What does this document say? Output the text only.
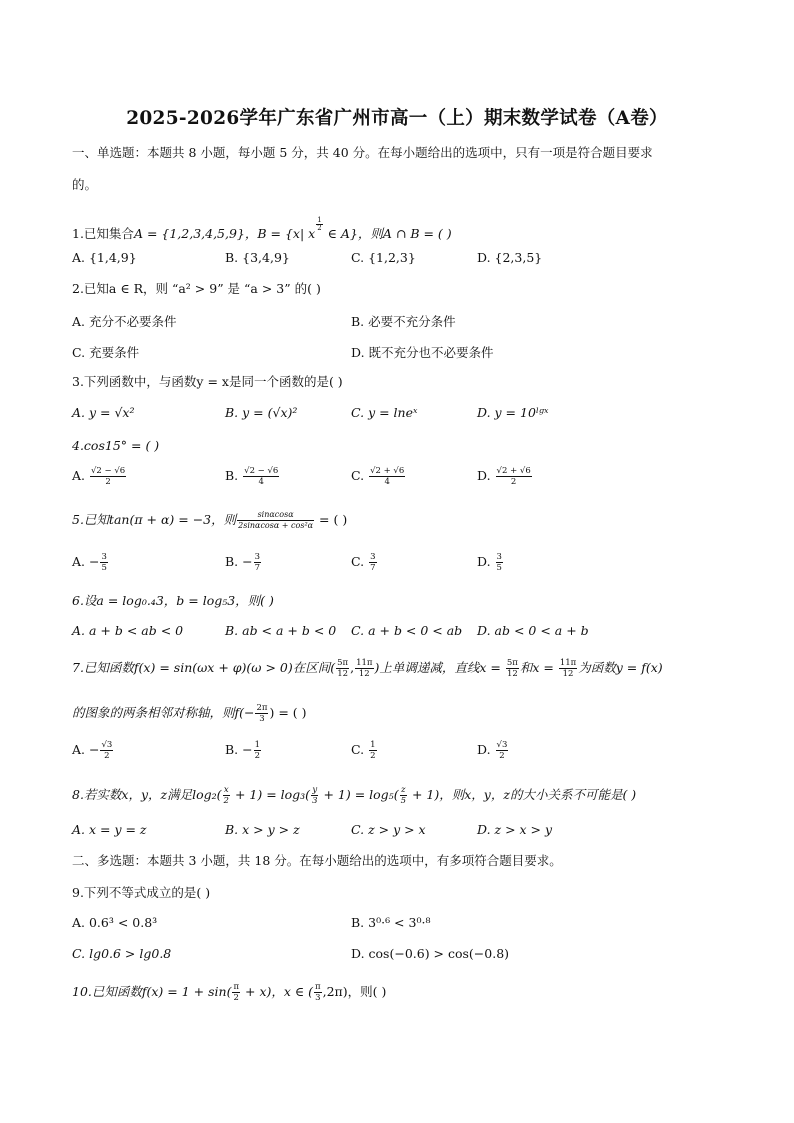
2025-2026学年广东省广州市高一（上）期末数学试卷（A卷）
一、单选题：本题共 8 小题，每小题 5 分，共 40 分。在每小题给出的选项中，只有一项是符合题目要求
的。
1.已知集合A = {1,2,3,4,5,9}，B = {x| x
$\frac{1}{2}$
∈ A}，则A ∩ B = ( )
A. {1,4,9}	B. {3,4,9}	C. {1,2,3}	D. {2,3,5}
2.已知a ∈ R，则 “a² > 9” 是 “a > 3” 的( )
A. 充分不必要条件	B. 必要不充分条件
C. 充要条件	D. 既不充分也不必要条件
3.下列函数中，与函数y = x是同一个函数的是( )
A. y = √x²	B. y = (√x)²	C. y = lneˣ	D. y = 10ˡᵍˣ
4.cos15° = ( )
A. $\frac{√2 - √6}{2}$	B. $\frac{√2 - √6}{4}$	C. $\frac{√2 + √6}{4}$	D. $\frac{√2 + √6}{2}$
5.已知tan(π + α) = −3，则 $\frac{\sin\alpha\cos\alpha}{\text{2sinαcosα + cos²α}}$ = ( )
A. − $\frac{3}{5}$	B. − $\frac{3}{7}$	C. $\frac{3}{7}$	D. $\frac{3}{5}$
6.设a = log₀.₄3，b = log₅3，则( )
A. a + b < ab < 0	B. ab < a + b < 0 C. a + b < 0 < ab D. ab < 0 < a + b
7.已知函数f(x) = sin(ωx + φ)(ω > 0)在区间( $\frac{5\pi}{12}$ , $\frac{11\pi}{12}$ )上单调递减，直线$x = \frac{5\pi}{12}$ 和$x = \frac{11\pi}{12}$ 为函数y = f(x)
的图象的两条相邻对称轴，则$f(- \frac{2\pi}{3}$ ) = ( )
A. − $\frac{√3}{2}$	B. − $\frac{1}{2}$	C. $\frac{1}{2}$	D. $\frac{√3}{2}$
8.若实数x，y，z满足$\log_2( \frac{x}{2} + 1) = \log_3( \frac{y}{3} + 1) = \log_5( \frac{z}{5} + 1)$，则x，y，z的大小关系不可能是( )
A. x = y = z	B. x > y > z	C. z > y > x	D. z > x > y
二、多选题：本题共 3 小题，共 18 分。在每小题给出的选项中，有多项符合题目要求。
9.下列不等式成立的是( )
A. 0.6³ < 0.8³	B. 3⁰·⁶ < 3⁰·⁸
C. lg0.6 > lg0.8	D. cos(−0.6) > cos(−0.8)
10.已知函数$f(x) = 1 + \sin( \frac{\pi}{2} + x)$，x ∈ ( $\frac{\pi}{3} ,2\pi$)，则( )
